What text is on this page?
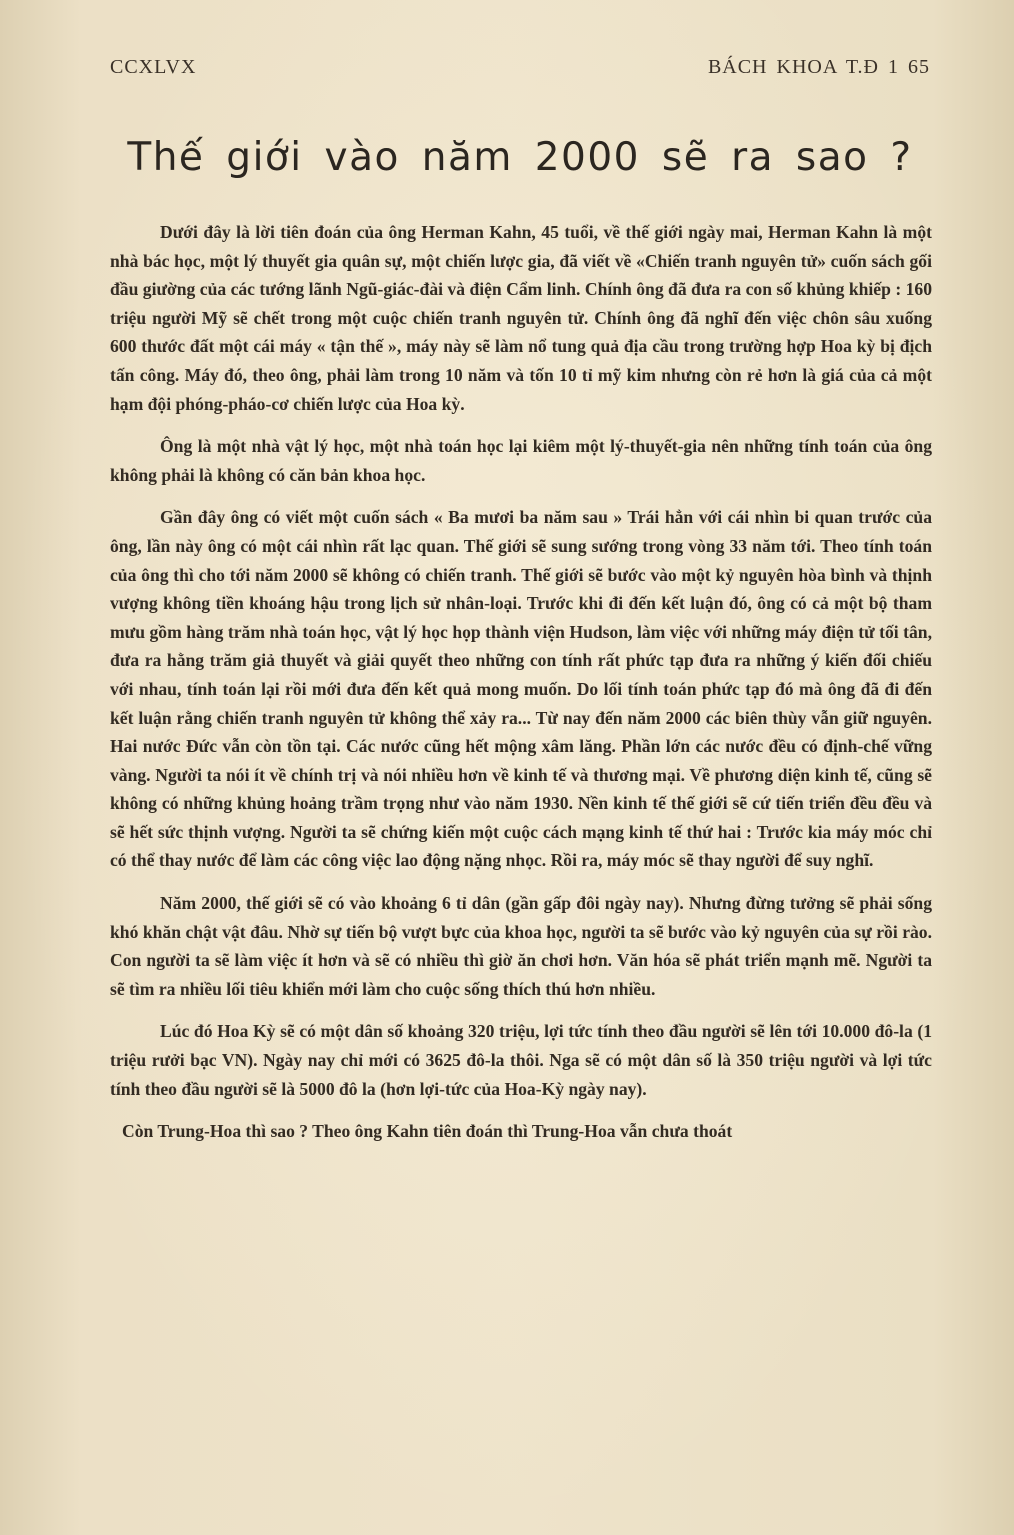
CCXLVX	BÁCH KHOA T.Đ 1 65
Thế giới vào năm 2000 sẽ ra sao ?

Dưới đây là lời tiên đoán của ông Herman Kahn, 45 tuổi, về thế giới ngày mai, Herman Kahn là một nhà bác học, một lý thuyết gia quân sự, một chiến lược gia, đã viết về «Chiến tranh nguyên tử» cuốn sách gối đầu giường của các tướng lãnh Ngũ-giác-đài và điện Cẩm linh. Chính ông đã đưa ra con số khủng khiếp : 160 triệu người Mỹ sẽ chết trong một cuộc chiến tranh nguyên tử. Chính ông đã nghĩ đến việc chôn sâu xuống 600 thước đất một cái máy « tận thế », máy này sẽ làm nổ tung quả địa cầu trong trường hợp Hoa kỳ bị địch tấn công. Máy đó, theo ông, phải làm trong 10 năm và tốn 10 tỉ mỹ kim nhưng còn rẻ hơn là giá của cả một hạm đội phóng-pháo-cơ chiến lược của Hoa kỳ.

Ông là một nhà vật lý học, một nhà toán học lại kiêm một lý-thuyết-gia nên những tính toán của ông không phải là không có căn bản khoa học.

Gần đây ông có viết một cuốn sách « Ba mươi ba năm sau » Trái hẳn với cái nhìn bi quan trước của ông, lần này ông có một cái nhìn rất lạc quan. Thế giới sẽ sung sướng trong vòng 33 năm tới. Theo tính toán của ông thì cho tới năm 2000 sẽ không có chiến tranh. Thế giới sẽ bước vào một kỷ nguyên hòa bình và thịnh vượng không tiền khoáng hậu trong lịch sử nhân-loại. Trước khi đi đến kết luận đó, ông có cả một bộ tham mưu gồm hàng trăm nhà toán học, vật lý học họp thành viện Hudson, làm việc với những máy điện tử tối tân, đưa ra hằng trăm giả thuyết và giải quyết theo những con tính rất phức tạp đưa ra những ý kiến đối chiếu với nhau, tính toán lại rồi mới đưa đến kết quả mong muốn. Do lối tính toán phức tạp đó mà ông đã đi đến kết luận rằng chiến tranh nguyên tử không thể xảy ra... Từ nay đến năm 2000 các biên thùy vẫn giữ nguyên. Hai nước Đức vẫn còn tồn tại. Các nước cũng hết mộng xâm lăng. Phần lớn các nước đều có định-chế vững vàng. Người ta nói ít về chính trị và nói nhiều hơn về kinh tế và thương mại. Về phương diện kinh tế, cũng sẽ không có những khủng hoảng trầm trọng như vào năm 1930. Nền kinh tế thế giới sẽ cứ tiến triển đều đều và sẽ hết sức thịnh vượng. Người ta sẽ chứng kiến một cuộc cách mạng kinh tế thứ hai : Trước kia máy móc chỉ có thể thay nước để làm các công việc lao động nặng nhọc. Rồi ra, máy móc sẽ thay người để suy nghĩ.

Năm 2000, thế giới sẽ có vào khoảng 6 tỉ dân (gần gấp đôi ngày nay). Nhưng đừng tưởng sẽ phải sống khó khăn chật vật đâu. Nhờ sự tiến bộ vượt bực của khoa học, người ta sẽ bước vào kỷ nguyên của sự rồi rào. Con người ta sẽ làm việc ít hơn và sẽ có nhiều thì giờ ăn chơi hơn. Văn hóa sẽ phát triển mạnh mẽ. Người ta sẽ tìm ra nhiều lối tiêu khiển mới làm cho cuộc sống thích thú hơn nhiều.

Lúc đó Hoa Kỳ sẽ có một dân số khoảng 320 triệu, lợi tức tính theo đầu người sẽ lên tới 10.000 đô-la (1 triệu rưởi bạc VN). Ngày nay chỉ mới có 3625 đô-la thôi. Nga sẽ có một dân số là 350 triệu người và lợi tức tính theo đầu người sẽ là 5000 đô la (hơn lợi-tức của Hoa-Kỳ ngày nay).

Còn Trung-Hoa thì sao ? Theo ông Kahn tiên đoán thì Trung-Hoa vẫn chưa thoát
